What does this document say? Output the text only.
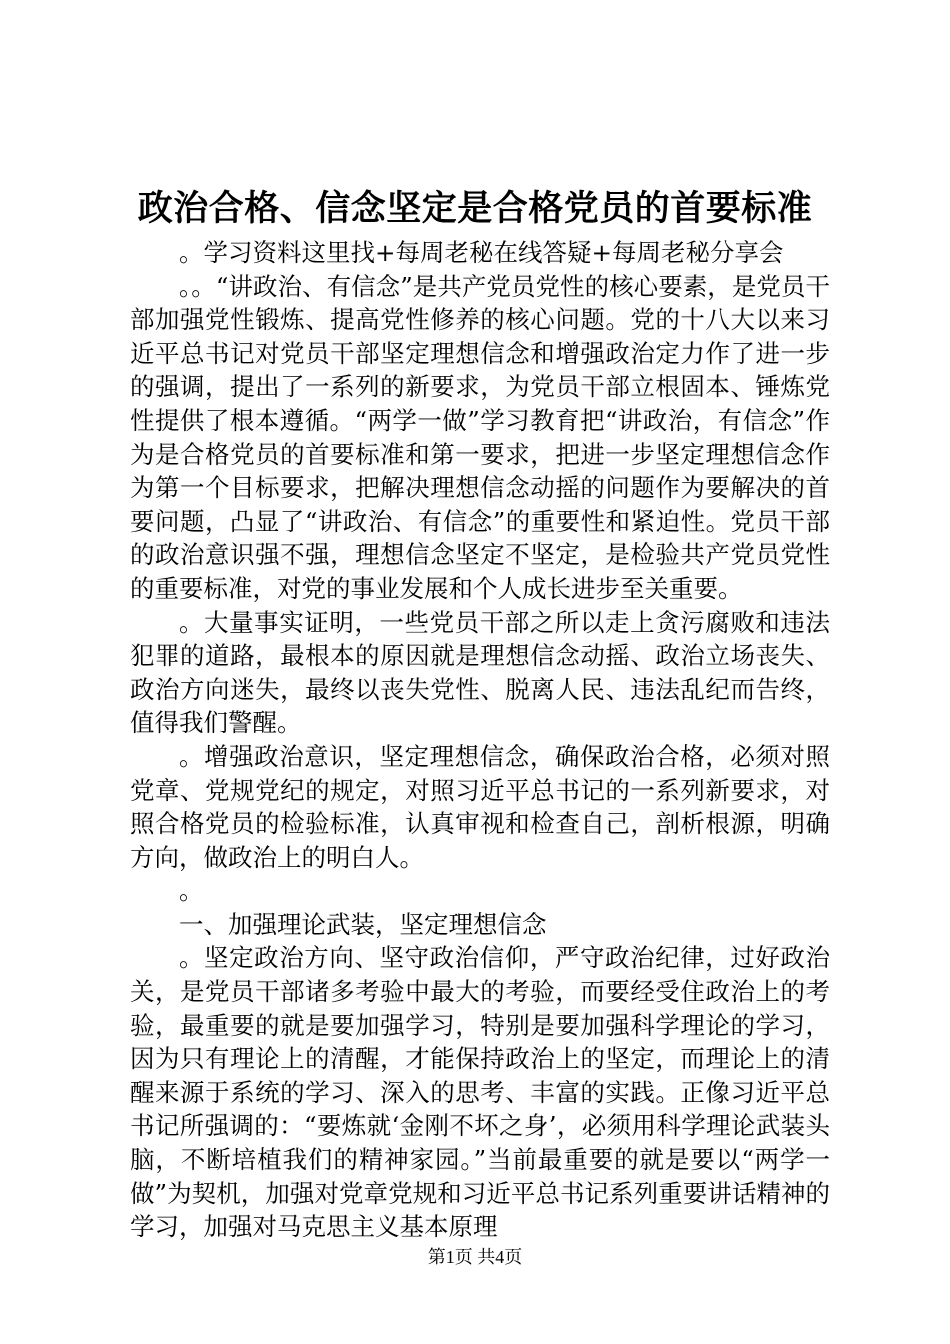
政治合格、信念坚定是合格党员的首要标准

。学习资料这里找+每周老秘在线答疑+每周老秘分享会

。。“讲政治、有信念”是共产党员党性的核心要素，是党员干部加强党性锻炼、提高党性修养的核心问题。党的十八大以来习近平总书记对党员干部坚定理想信念和增强政治定力作了进一步的强调，提出了一系列的新要求，为党员干部立根固本、锤炼党性提供了根本遵循。“两学一做”学习教育把“讲政治，有信念”作为是合格党员的首要标准和第一要求，把进一步坚定理想信念作为第一个目标要求，把解决理想信念动摇的问题作为要解决的首要问题，凸显了“讲政治、有信念”的重要性和紧迫性。党员干部的政治意识强不强，理想信念坚定不坚定，是检验共产党员党性的重要标准，对党的事业发展和个人成长进步至关重要。

。大量事实证明，一些党员干部之所以走上贪污腐败和违法犯罪的道路，最根本的原因就是理想信念动摇、政治立场丧失、政治方向迷失，最终以丧失党性、脱离人民、违法乱纪而告终，值得我们警醒。

。增强政治意识，坚定理想信念，确保政治合格，必须对照党章、党规党纪的规定，对照习近平总书记的一系列新要求，对照合格党员的检验标准，认真审视和检查自己，剖析根源，明确方向，做政治上的明白人。

。

一、加强理论武装，坚定理想信念

。坚定政治方向、坚守政治信仰，严守政治纪律，过好政治关，是党员干部诸多考验中最大的考验，而要经受住政治上的考验，最重要的就是要加强学习，特别是要加强科学理论的学习，因为只有理论上的清醒，才能保持政治上的坚定，而理论上的清醒来源于系统的学习、深入的思考、丰富的实践。正像习近平总书记所强调的：“要炼就‘金刚不坏之身’，必须用科学理论武装头脑，不断培植我们的精神家园。”当前最重要的就是要以“两学一做”为契机，加强对党章党规和习近平总书记系列重要讲话精神的学习，加强对马克思主义基本原理

第1页 共4页
